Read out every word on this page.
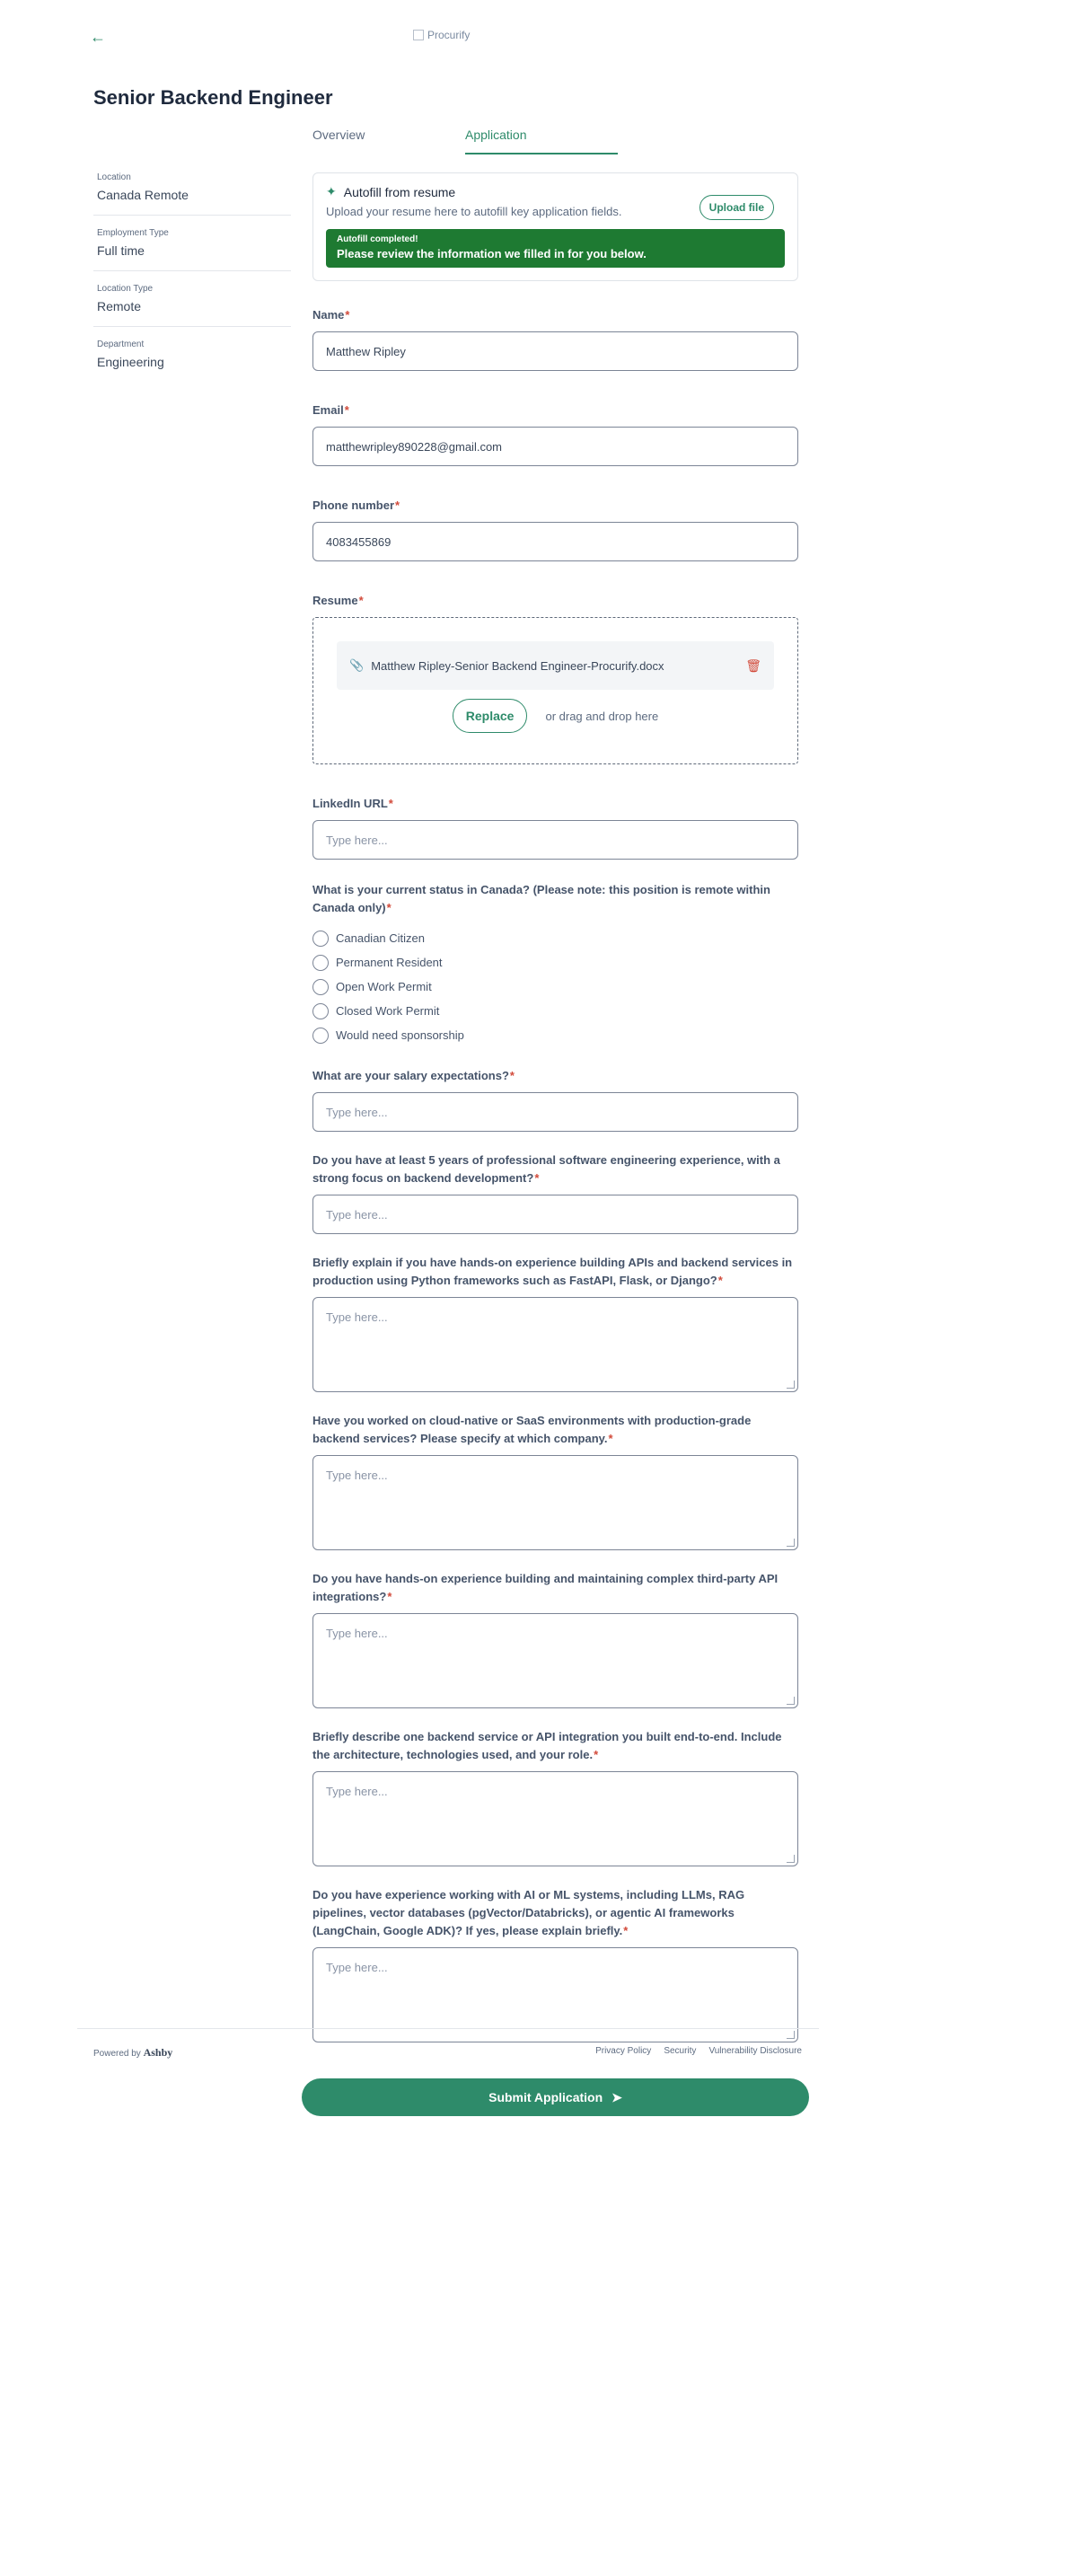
←	Procurify
Senior Backend Engineer
Overview	Application
Location
Canada Remote
Employment Type
Full time
Location Type
Remote
Department
Engineering
✦ Autofill from resume
Upload your resume here to autofill key application fields.	Upload file
Autofill completed!
Please review the information we filled in for you below.
Name*
Matthew Ripley
Email*
matthewripley890228@gmail.com
Phone number*
4083455869
Resume*
📎 Matthew Ripley-Senior Backend Engineer-Procurify.docx	🗑
Replace	or drag and drop here
LinkedIn URL*
Type here...
What is your current status in Canada? (Please note: this position is remote within Canada only)*
Canadian Citizen
Permanent Resident
Open Work Permit
Closed Work Permit
Would need sponsorship
What are your salary expectations?*
Type here...
Do you have at least 5 years of professional software engineering experience, with a strong focus on backend development?*
Type here...
Briefly explain if you have hands-on experience building APIs and backend services in production using Python frameworks such as FastAPI, Flask, or Django?*
Type here...
Have you worked on cloud-native or SaaS environments with production-grade backend services? Please specify at which company.*
Type here...
Do you have hands-on experience building and maintaining complex third-party API integrations?*
Type here...
Briefly describe one backend service or API integration you built end-to-end. Include the architecture, technologies used, and your role.*
Type here...
Do you have experience working with AI or ML systems, including LLMs, RAG pipelines, vector databases (pgVector/Databricks), or agentic AI frameworks (LangChain, Google ADK)? If yes, please explain briefly.*
Type here...
Submit Application ➤
Powered by Ashby	Privacy Policy Security Vulnerability Disclosure
